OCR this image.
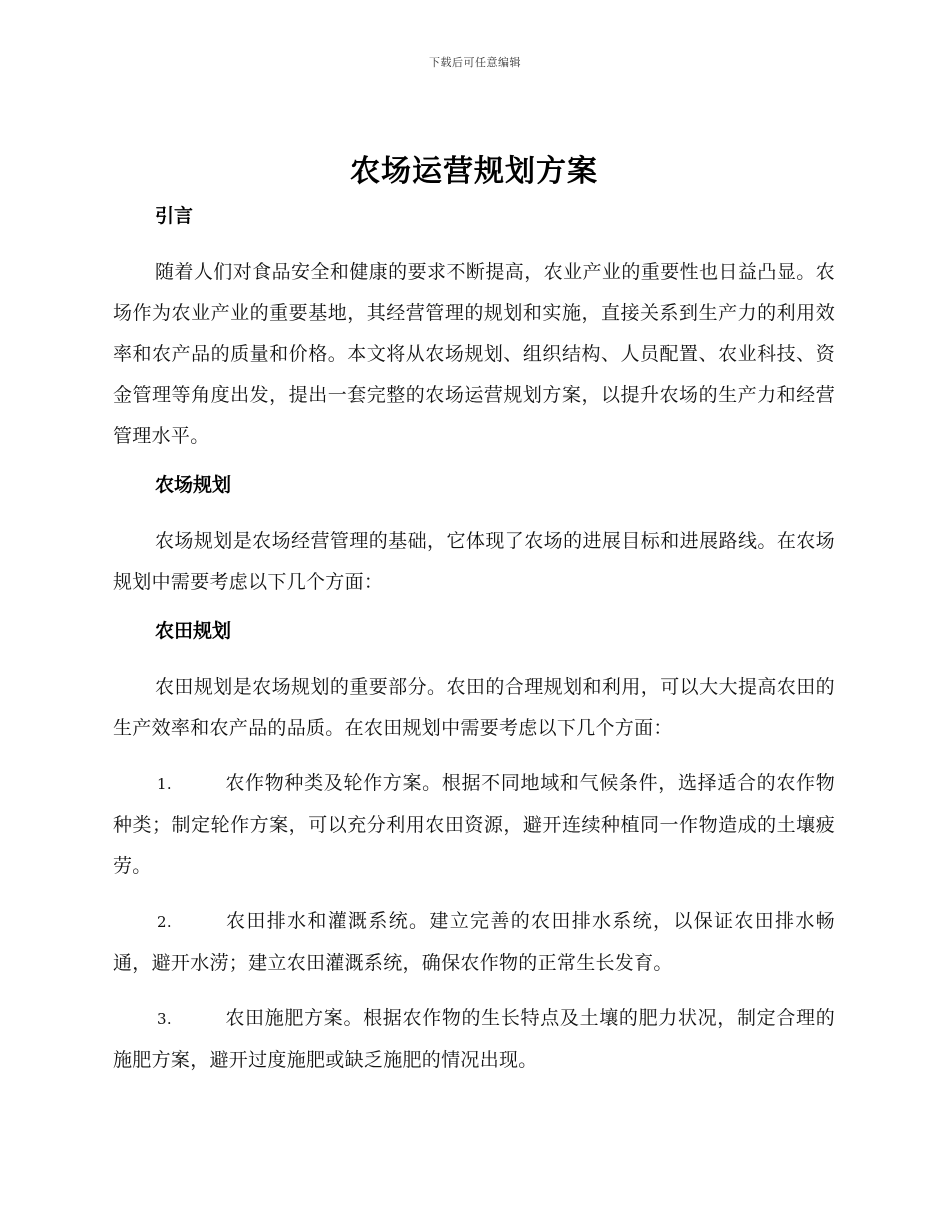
下载后可任意编辑
农场运营规划方案
引言

随着人们对食品安全和健康的要求不断提高，农业产业的重要性也日益凸显。农场作为农业产业的重要基地，其经营管理的规划和实施，直接关系到生产力的利用效率和农产品的质量和价格。本文将从农场规划、组织结构、人员配置、农业科技、资金管理等角度出发，提出一套完整的农场运营规划方案，以提升农场的生产力和经营管理水平。

农场规划

农场规划是农场经营管理的基础，它体现了农场的进展目标和进展路线。在农场规划中需要考虑以下几个方面：

农田规划

农田规划是农场规划的重要部分。农田的合理规划和利用，可以大大提高农田的生产效率和农产品的品质。在农田规划中需要考虑以下几个方面：

1.	农作物种类及轮作方案。根据不同地域和气候条件，选择适合的农作物种类；制定轮作方案，可以充分利用农田资源，避开连续种植同一作物造成的土壤疲劳。

2.	农田排水和灌溉系统。建立完善的农田排水系统，以保证农田排水畅通，避开水涝；建立农田灌溉系统，确保农作物的正常生长发育。

3.	农田施肥方案。根据农作物的生长特点及土壤的肥力状况，制定合理的施肥方案，避开过度施肥或缺乏施肥的情况出现。
